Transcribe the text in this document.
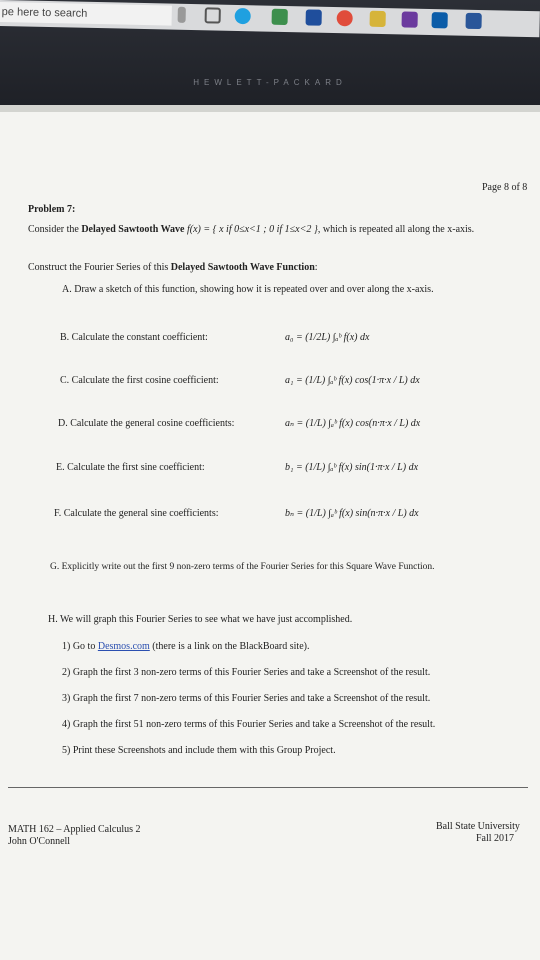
pe here to search
HEWLETT-PACKARD
Page 8 of 8
Problem 7:
Consider the Delayed Sawtooth Wave f(x) = { x if 0≤x<1 ; 0 if 1≤x<2 }, which is repeated all along the x-axis.
Construct the Fourier Series of this Delayed Sawtooth Wave Function:
A. Draw a sketch of this function, showing how it is repeated over and over along the x-axis.
B. Calculate the constant coefficient:	a₀ = (1/2L) ∫ₐᵇ f(x) dx
C. Calculate the first cosine coefficient:	a₁ = (1/L) ∫ₐᵇ f(x) cos(1·π·x / L) dx
D. Calculate the general cosine coefficients:	aₙ = (1/L) ∫ₐᵇ f(x) cos(n·π·x / L) dx
E. Calculate the first sine coefficient:	b₁ = (1/L) ∫ₐᵇ f(x) sin(1·π·x / L) dx
F. Calculate the general sine coefficients:	bₙ = (1/L) ∫ₐᵇ f(x) sin(n·π·x / L) dx
G. Explicitly write out the first 9 non-zero terms of the Fourier Series for this Square Wave Function.
H. We will graph this Fourier Series to see what we have just accomplished.
1) Go to Desmos.com (there is a link on the BlackBoard site).
2) Graph the first 3 non-zero terms of this Fourier Series and take a Screenshot of the result.
3) Graph the first 7 non-zero terms of this Fourier Series and take a Screenshot of the result.
4) Graph the first 51 non-zero terms of this Fourier Series and take a Screenshot of the result.
5) Print these Screenshots and include them with this Group Project.
MATH 162 – Applied Calculus 2
John O'Connell
Ball State University
Fall 2017
